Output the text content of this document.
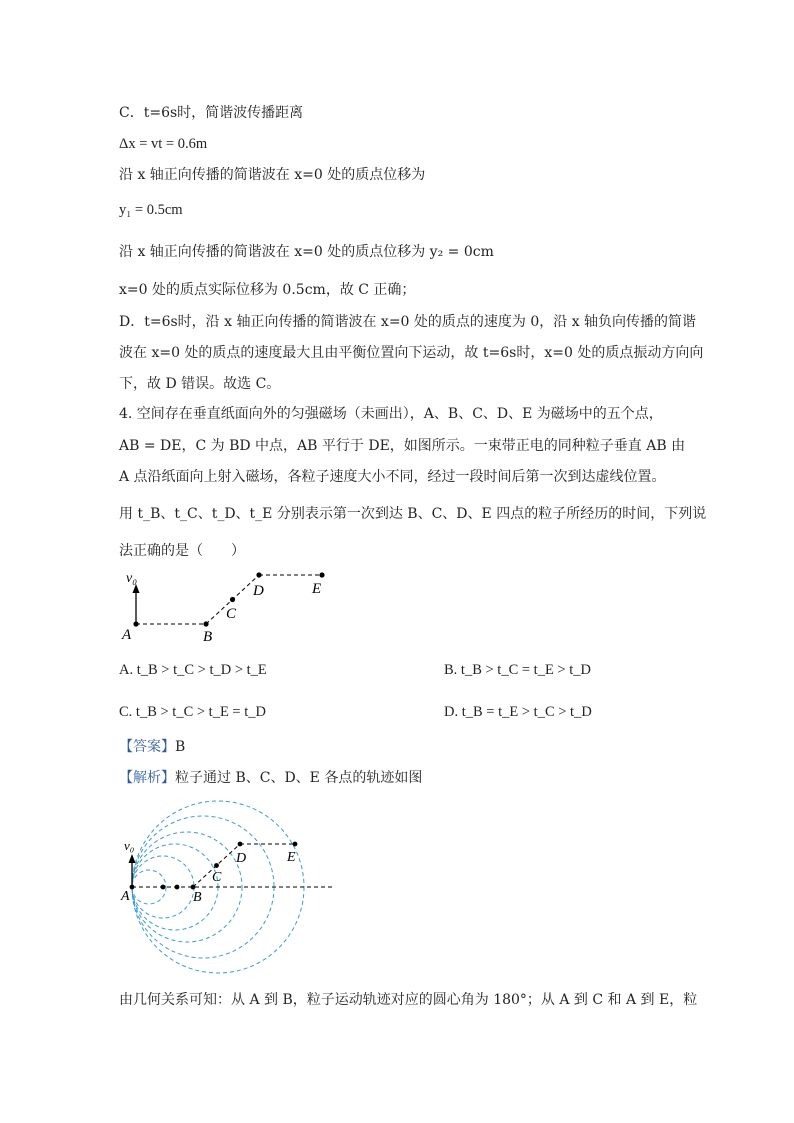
C．t=6s时，简谐波传播距离
Δx = vt = 0.6m
沿 x 轴正向传播的简谐波在 x=0 处的质点位移为
y₁ = 0.5cm
沿 x 轴正向传播的简谐波在 x=0 处的质点位移为 y₂ = 0cm
x=0 处的质点实际位移为 0.5cm，故 C 正确；
D．t=6s时，沿 x 轴正向传播的简谐波在 x=0 处的质点的速度为 0，沿 x 轴负向传播的简谐
波在 x=0 处的质点的速度最大且由平衡位置向下运动，故 t=6s时，x=0 处的质点振动方向向
下，故 D 错误。故选 C。
4. 空间存在垂直纸面向外的匀强磁场（未画出），A、B、C、D、E 为磁场中的五个点，
AB = DE，C 为 BD 中点，AB 平行于 DE，如图所示。一束带正电的同种粒子垂直 AB 由
A 点沿纸面向上射入磁场，各粒子速度大小不同，经过一段时间后第一次到达虚线位置。
用 t_B、t_C、t_D、t_E 分别表示第一次到达 B、C、D、E 四点的粒子所经历的时间，下列说
法正确的是（　　）
v₀
A	B
C
D	E
A. t_B > t_C > t_D > t_E	B. t_B > t_C = t_E > t_D
C. t_B > t_C > t_E = t_D	D. t_B = t_E > t_C > t_D
【答案】B
【解析】粒子通过 B、C、D、E 各点的轨迹如图
v₀
A	B
C
D	E
由几何关系可知：从 A 到 B，粒子运动轨迹对应的圆心角为 180°；从 A 到 C 和 A 到 E，粒
